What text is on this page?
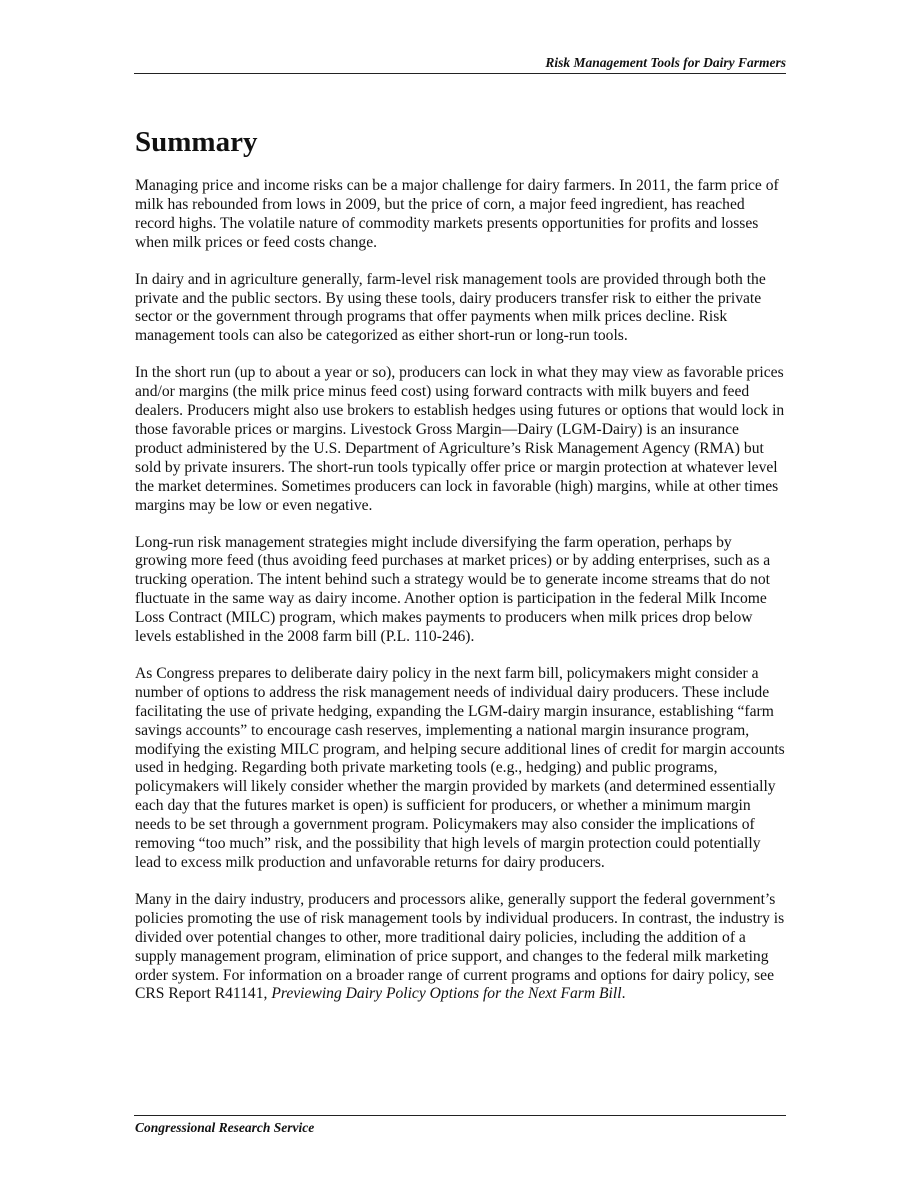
Risk Management Tools for Dairy Farmers
Summary

Managing price and income risks can be a major challenge for dairy farmers. In 2011, the farm price of milk has rebounded from lows in 2009, but the price of corn, a major feed ingredient, has reached record highs. The volatile nature of commodity markets presents opportunities for profits and losses when milk prices or feed costs change.

In dairy and in agriculture generally, farm-level risk management tools are provided through both the private and the public sectors. By using these tools, dairy producers transfer risk to either the private sector or the government through programs that offer payments when milk prices decline. Risk management tools can also be categorized as either short-run or long-run tools.

In the short run (up to about a year or so), producers can lock in what they may view as favorable prices and/or margins (the milk price minus feed cost) using forward contracts with milk buyers and feed dealers. Producers might also use brokers to establish hedges using futures or options that would lock in those favorable prices or margins. Livestock Gross Margin—Dairy (LGM-Dairy) is an insurance product administered by the U.S. Department of Agriculture’s Risk Management Agency (RMA) but sold by private insurers. The short-run tools typically offer price or margin protection at whatever level the market determines. Sometimes producers can lock in favorable (high) margins, while at other times margins may be low or even negative.

Long-run risk management strategies might include diversifying the farm operation, perhaps by growing more feed (thus avoiding feed purchases at market prices) or by adding enterprises, such as a trucking operation. The intent behind such a strategy would be to generate income streams that do not fluctuate in the same way as dairy income. Another option is participation in the federal Milk Income Loss Contract (MILC) program, which makes payments to producers when milk prices drop below levels established in the 2008 farm bill (P.L. 110-246).

As Congress prepares to deliberate dairy policy in the next farm bill, policymakers might consider a number of options to address the risk management needs of individual dairy producers. These include facilitating the use of private hedging, expanding the LGM-dairy margin insurance, establishing “farm savings accounts” to encourage cash reserves, implementing a national margin insurance program, modifying the existing MILC program, and helping secure additional lines of credit for margin accounts used in hedging. Regarding both private marketing tools (e.g., hedging) and public programs, policymakers will likely consider whether the margin provided by markets (and determined essentially each day that the futures market is open) is sufficient for producers, or whether a minimum margin needs to be set through a government program. Policymakers may also consider the implications of removing “too much” risk, and the possibility that high levels of margin protection could potentially lead to excess milk production and unfavorable returns for dairy producers.

Many in the dairy industry, producers and processors alike, generally support the federal government’s policies promoting the use of risk management tools by individual producers. In contrast, the industry is divided over potential changes to other, more traditional dairy policies, including the addition of a supply management program, elimination of price support, and changes to the federal milk marketing order system. For information on a broader range of current programs and options for dairy policy, see CRS Report R41141, Previewing Dairy Policy Options for the Next Farm Bill.

Congressional Research Service
